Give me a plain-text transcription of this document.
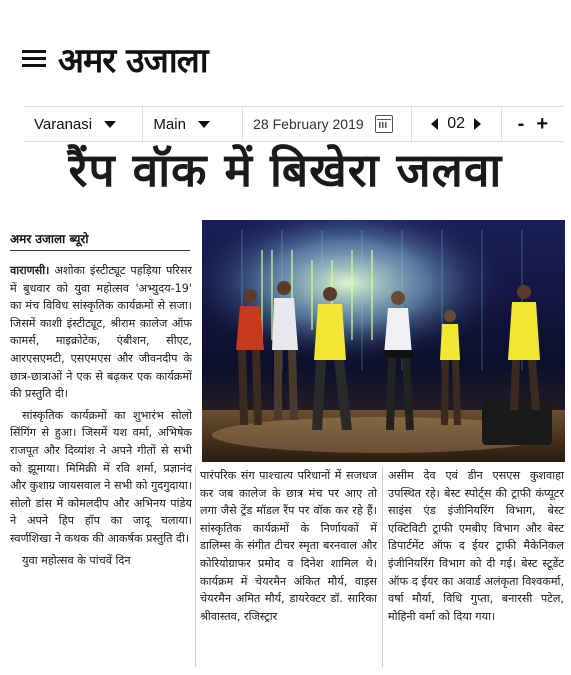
अमर उजाला
Varanasi	Main	28 February 2019	02	- +
रैंप वॉक में बिखेरा जलवा
अमर उजाला ब्यूरो

वाराणसी। अशोका इंस्टीट्यूट पहड़िया परिसर में बुधवार को युवा महोत्सव 'अभ्युदय-19' का मंच विविध सांस्कृतिक कार्यक्रमों से सजा। जिसमें काशी इंस्टीट्यूट, श्रीराम कालेज ऑफ कामर्स, माइक्रोटेक, एंबीशन, सीएट, आरएसएमटी, एसएमएस और जीवनदीप के छात्र-छात्राओं ने एक से बढ़कर एक कार्यक्रमों की प्रस्तुति दी।

सांस्कृतिक कार्यक्रमों का शुभारंभ सोलो सिंगिंग से हुआ। जिसमें यश वर्मा, अभिषेक राजपूत और दिव्यांश ने अपने गीतों से सभी को झूमाया। मिमिक्री में रवि शर्मा, प्रज्ञानंद और कुशाग्र जायसवाल ने सभी को गुदगुदाया। सोलो डांस में कोमलदीप और अभिनय पांडेय ने अपने हिप हॉप का जादू चलाया। स्वर्णशिखा ने कथक की आकर्षक प्रस्तुति दी।

युवा महोत्सव के पांचवें दिन

पारंपरिक संग पाश्चात्य परिधानों में सजधज कर जब कालेज के छात्र मंच पर आए तो लगा जैसे ट्रेंड मॉडल रैंप पर वॉक कर रहे हैं। सांस्कृतिक कार्यक्रमों के निर्णायकों में डालिम्स के संगीत टीचर स्मृता बरनवाल और कोरियोग्राफर प्रमोद व दिनेश शामिल थे। कार्यक्रम में चेयरमैन अंकित मौर्य, वाइस चेयरमैन अमित मौर्य, डायरेक्टर डॉ. सारिका श्रीवास्तव, रजिस्ट्रार

असीम देव एवं डीन एसएस कुशवाहा उपस्थित रहे। बेस्ट स्पोर्ट्स की ट्राफी कंप्यूटर साइंस एंड इंजीनियरिंग विभाग, बेस्ट एक्टिविटी ट्राफी एमबीए विभाग और बेस्ट डिपार्टमेंट ऑफ द ईयर ट्राफी मैकेनिकल इंजीनियरिंग विभाग को दी गई। बेस्ट स्टूडेंट ऑफ द ईयर का अवार्ड अलंकृता विश्वकर्मा, वर्षा मौर्या, विधि गुप्ता, बनारसी पटेल, मोहिनी वर्मा को दिया गया।
